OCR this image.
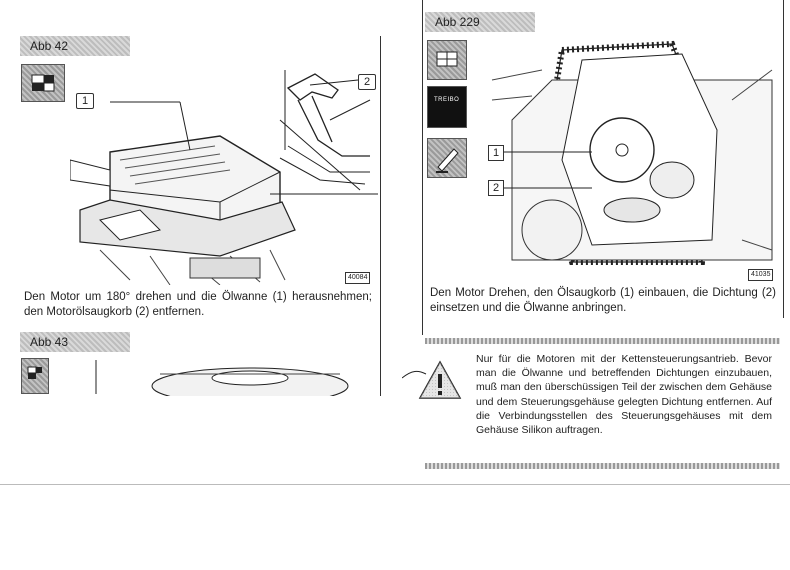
Abb 42
1
2
40084
Den Motor um 180° drehen und die Ölwanne (1) herausnehmen; den Motorölsaugkorb (2) entfernen.
Abb 43
Abb 229
TREIBO
1
2
41035
Den Motor Drehen, den Ölsaugkorb (1) einbauen, die Dichtung (2) einsetzen und die Ölwanne anbringen.
Nur für die Motoren mit der Kettensteuerungsantrieb. Bevor man die Ölwanne und betreffenden Dichtungen einzubauen, muß man den überschüssigen Teil der zwischen dem Gehäuse und dem Steuerungsgehäuse gelegten Dichtung entfernen. Auf die Verbindungsstellen des Steuerungsgehäuses mit dem Gehäuse Silikon auftragen.
